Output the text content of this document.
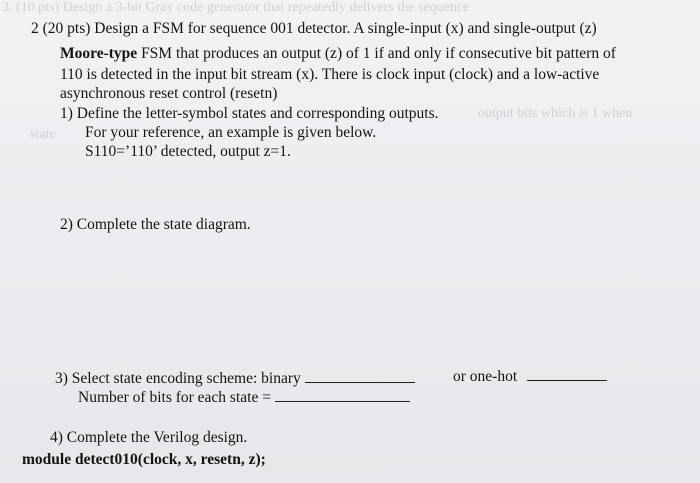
3. (10 pts) Design a 3-bit Gray code generator that repeatedly delivers the sequence
output bits which is 1 when
state
2 (20 pts) Design a FSM for sequence 001 detector. A single-input (x) and single-output (z)
Moore-type FSM that produces an output (z) of 1 if and only if consecutive bit pattern of
110 is detected in the input bit stream (x). There is clock input (clock) and a low-active
asynchronous reset control (resetn)
1) Define the letter-symbol states and corresponding outputs.
For your reference, an example is given below.
S110=’110’ detected, output z=1.
2) Complete the state diagram.
3) Select state encoding scheme: binary	or one-hot
Number of bits for each state =
4) Complete the Verilog design.
module detect010(clock, x, resetn, z);
